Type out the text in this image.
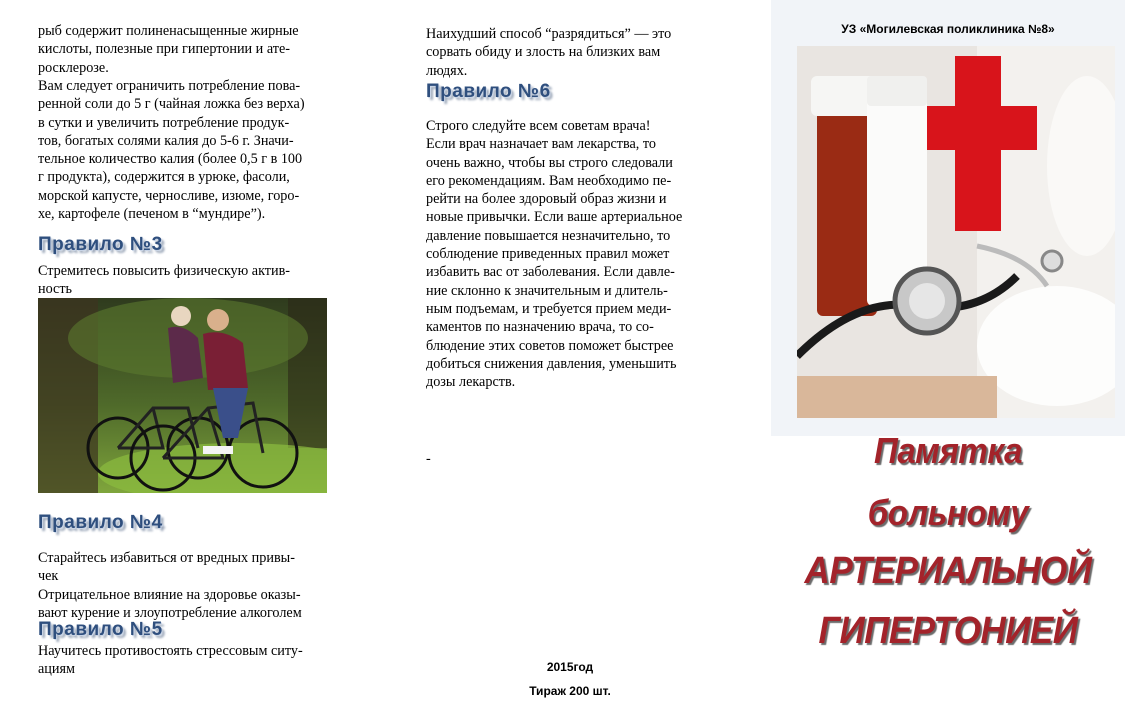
рыб содержит полиненасыщенные жирные
кислоты, полезные при гипертонии и ате-
росклерозе.

Вам следует ограничить потребление пова-
ренной соли до 5 г (чайная ложка без верха)
в сутки и увеличить потребление продук-
тов, богатых солями калия до 5-6 г. Значи-
тельное количество калия (более 0,5 г в 100
г продукта), содержится в урюке, фасоли,
морской капусте, черносливе, изюме, горо-
хе, картофеле (печеном в “мундире”).

Правило №3

Стремитесь повысить физическую актив-
ность

Правило №4

Старайтесь избавиться от вредных привы-
чек

Отрицательное влияние на здоровье оказы-
вают курение и злоупотребление алкоголем

Правило №5

Научитесь противостоять стрессовым ситу-
ациям

Наихудший способ “разрядиться” — это
сорвать обиду и злость на близких вам
людях.

Правило №6

Строго следуйте всем советам врача!
Если врач назначает вам лекарства, то
очень важно, чтобы вы строго следовали
его рекомендациям. Вам необходимо пе-
рейти на более здоровый образ жизни и
новые привычки. Если ваше артериальное
давление повышается незначительно, то
соблюдение приведенных правил может
избавить вас от заболевания. Если давле-
ние склонно к значительным и длитель-
ным подъемам, и требуется прием меди-
каментов по назначению врача, то со-
блюдение этих советов поможет быстрее
добиться снижения давления, уменьшить
дозы лекарств.

-

2015год
Тираж 200 шт.
УЗ «Могилевская поликлиника №8»
Памятка
больному
АРТЕРИАЛЬНОЙ
ГИПЕРТОНИЕЙ
